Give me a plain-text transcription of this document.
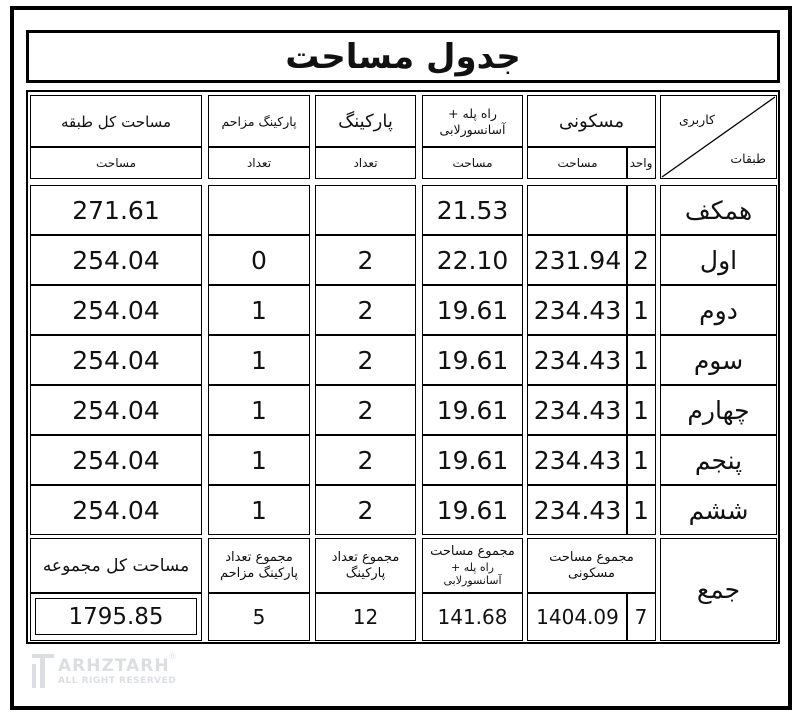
جدول مساحت
کاربری
طبقات
مسکونی
واحد
مساحت
راه پله +
آسانسورلابی
مساحت
پارکینگ
تعداد
پارکینگ مزاحم
تعداد
مساحت کل طبقه
مساحت
همکف
21.53
271.61
اول
2
231.94
22.10
2
0
254.04
دوم
1
234.43
19.61
2
1
254.04
سوم
1
234.43
19.61
2
1
254.04
چهارم
1
234.43
19.61
2
1
254.04
پنجم
1
234.43
19.61
2
1
254.04
ششم
1
234.43
19.61
2
1
254.04
جمع
مجموع مساحت
مسکونی
7
1404.09
مجموع مساحت
راه پله +
آسانسورلابی
141.68
مجموع تعداد
پارکینگ
12
مجموع تعداد
پارکینگ مزاحم
5
مساحت کل مجموعه
1795.85
ARHZTARH
ALL RIGHT RESERVED
®
